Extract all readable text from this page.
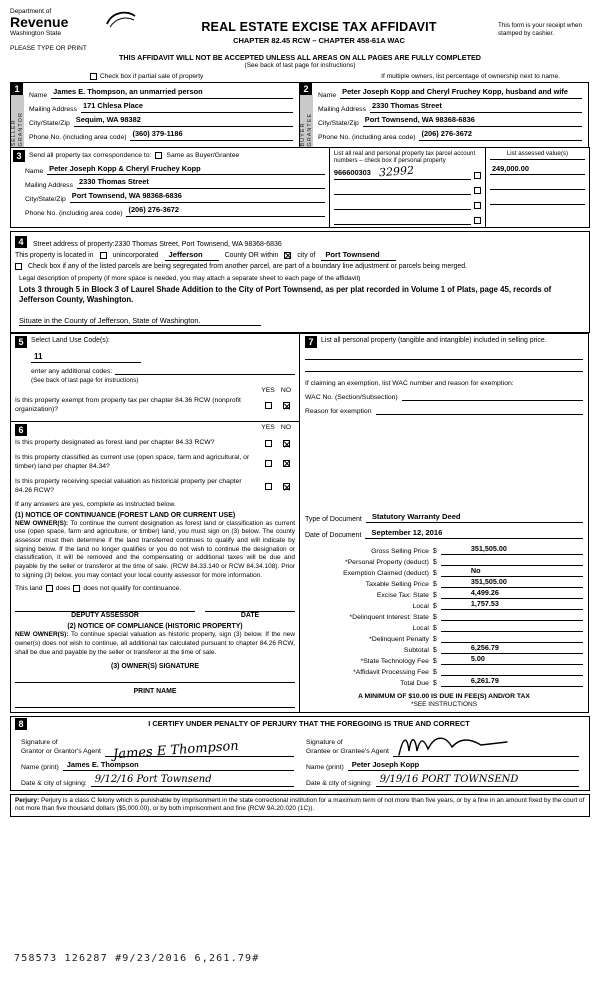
Department of
Revenue
Washington State
PLEASE TYPE OR PRINT
REAL ESTATE EXCISE TAX AFFIDAVIT
CHAPTER 82.45 RCW – CHAPTER 458-61A WAC
This form is your receipt when stamped by cashier.
THIS AFFIDAVIT WILL NOT BE ACCEPTED UNLESS ALL AREAS ON ALL PAGES ARE FULLY COMPLETED
(See back of last page for instructions)
Check box if partial sale of property	If multiple owners, list percentage of ownership next to name.
1
SELLER GRANTOR
Name James E. Thompson, an unmarried person
Mailing Address 171 Chlesa Place
City/State/Zip Sequim, WA 98382
Phone No. (including area code) (360) 379-1186
2
BUYER GRANTEE
Name Peter Joseph Kopp and Cheryl Fruchey Kopp, husband and wife
Mailing Address 2330 Thomas Street
City/State/Zip Port Townsend, WA 98368-6836
Phone No. (including area code) (206) 276-3672
3	Send all property tax correspondence to: Same as Buyer/Grantee
Name Peter Joseph Kopp & Cheryl Fruchey Kopp
Mailing Address 2330 Thomas Street
City/State/Zip Port Townsend, WA 98368-6836
Phone No. (including area code) (206) 276-3672
List all real and personal property tax parcel account numbers – check box if personal property
966600303 32992
List assessed value(s)
249,000.00
4	Street address of property: 2330 Thomas Street, Port Townsend, WA 98368-6836
This property is located in	unincorporated	Jefferson	County OR within	city of	Port Townsend
Check box if any of the listed parcels are being segregated from another parcel, are part of a boundary line adjustment or parcels being merged.
Legal description of property (if more space is needed, you may attach a separate sheet to each page of the affidavit)
Lots 3 through 5 in Block 3 of Laurel Shade Addition to the City of Port Townsend, as per plat recorded in Volume 1 of Plats, page 45, records of Jefferson County, Washington.
Situate in the County of Jefferson, State of Washington.
5	Select Land Use Code(s):
11
enter any additional codes:
(See back of last page for instructions)
YES NO
Is this property exempt from property tax per chapter 84.36 RCW (nonprofit organization)?
6	YES NO
Is this property designated as forest land per chapter 84.33 RCW?
Is this property classified as current use (open space, farm and agricultural, or timber) land per chapter 84.34?
Is this property receiving special valuation as historical property per chapter 84.26 RCW?
If any answers are yes, complete as instructed below.
(1) NOTICE OF CONTINUANCE (FOREST LAND OR CURRENT USE)
NEW OWNER(S): To continue the current designation as forest land or classification as current use (open space, farm and agriculture, or timber) land, you must sign on (3) below. The county assessor must then determine if the land transferred continues to qualify and will indicate by signing below. If the land no longer qualifies or you do not wish to continue the designation or classification, it will be removed and the compensating or additional taxes will be due and payable by the seller or transferor at the time of sale. (RCW 84.33.140 or RCW 84.34.108). Prior to signing (3) below, you may contact your local county assessor for more information.
This land does does not qualify for continuance.
DEPUTY ASSESSOR	DATE
(2) NOTICE OF COMPLIANCE (HISTORIC PROPERTY)
NEW OWNER(S): To continue special valuation as historic property, sign (3) below. If the new owner(s) does not wish to continue, all additional tax calculated pursuant to chapter 84.26 RCW, shall be due and payable by the seller or transferor at the time of sale.
(3) OWNER(S) SIGNATURE
PRINT NAME
7	List all personal property (tangible and intangible) included in selling price.
If claiming an exemption, list WAC number and reason for exemption:
WAC No. (Section/Subsection)
Reason for exemption
Type of Document	Statutory Warranty Deed
Date of Document	September 12, 2016
Gross Selling Price $	351,505.00
*Personal Property (deduct) $
Exemption Claimed (deduct) $	No
Taxable Selling Price $	351,505.00
Excise Tax: State $	4,499.26
Local $	1,757.53
*Delinquent Interest: State $
Local $
*Delinquent Penalty $
Subtotal $	6,256.79
*State Technology Fee $	5.00
*Affidavit Processing Fee $
Total Due $	6,261.79
A MINIMUM OF $10.00 IS DUE IN FEE(S) AND/OR TAX
*SEE INSTRUCTIONS
8	I CERTIFY UNDER PENALTY OF PERJURY THAT THE FOREGOING IS TRUE AND CORRECT
Signature of
Grantor or Grantor's Agent James E Thompson	Signature of
Grantee or Grantee's Agent
Name (print)	James E. Thompson	Name (print)	Peter Joseph Kopp
Date & city of signing: 9/12/16 Port Townsend	Date & city of signing: 9/19/16 PORT TOWNSEND
Perjury: Perjury is a class C felony which is punishable by imprisonment in the state correctional institution for a maximum term of not more than five years, or by a fine in an amount fixed by the court of not more than five thousand dollars ($5,000.00), or by both imprisonment and fine (RCW 9A.20.020 (1C)).
758573 126287 #9/23/2016 6,261.79#
